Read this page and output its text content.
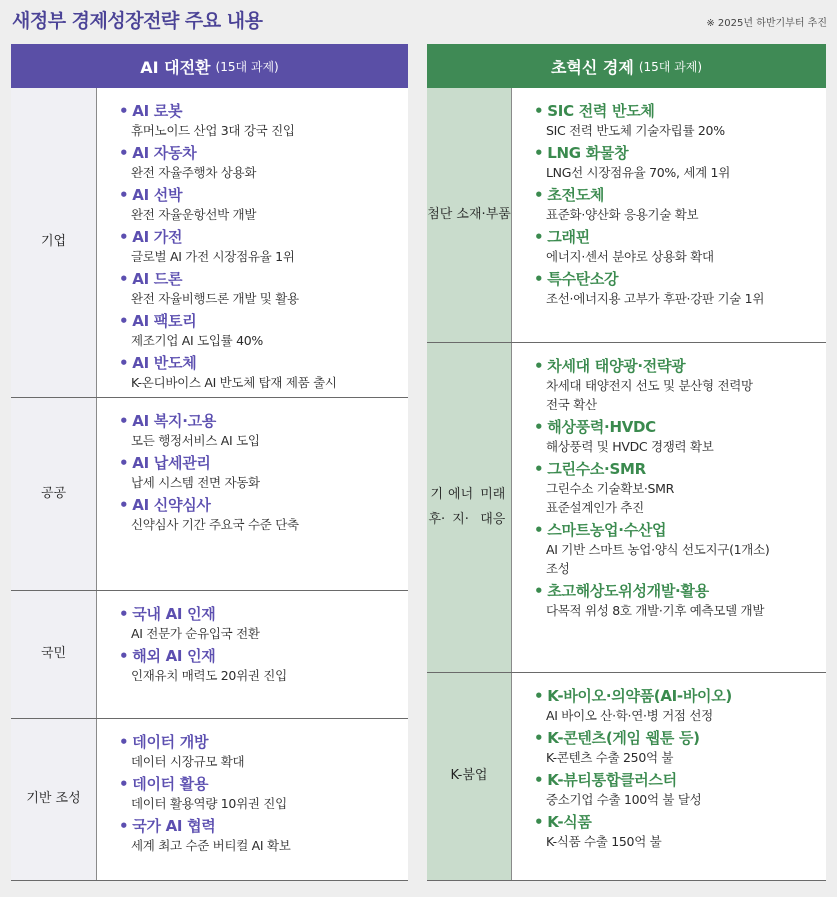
새정부 경제성장전략 주요 내용	※ 2025년 하반기부터 추진
AI 대전환 (15대 과제)
기업
• AI 로봇
휴머노이드 산업 3대 강국 진입
• AI 자동차
완전 자율주행차 상용화
• AI 선박
완전 자율운항선박 개발
• AI 가전
글로벌 AI 가전 시장점유율 1위
• AI 드론
완전 자율비행드론 개발 및 활용
• AI 팩토리
제조기업 AI 도입률 40%
• AI 반도체
K-온디바이스 AI 반도체 탑재 제품 출시
공공
• AI 복지·고용
모든 행정서비스 AI 도입
• AI 납세관리
납세 시스템 전면 자동화
• AI 신약심사
신약심사 기간 주요국 수준 단축
국민
• 국내 AI 인재
AI 전문가 순유입국 전환
• 해외 AI 인재
인재유치 매력도 20위권 진입
기반 조성
• 데이터 개방
데이터 시장규모 확대
• 데이터 활용
데이터 활용역량 10위권 진입
• 국가 AI 협력
세계 최고 수준 버티컬 AI 확보
초혁신 경제 (15대 과제)
첨단 소재· 부품
• SIC 전력 반도체
SIC 전력 반도체 기술자립률 20%
• LNG 화물창
LNG선 시장점유율 70%, 세계 1위
• 초전도체
표준화·양산화 응용기술 확보
• 그래핀
에너지·센서 분야로 상용화 확대
• 특수탄소강
조선·에너지용 고부가 후판·강판 기술 1위
기후·

에너지·

미래 대응
• 차세대 태양광·전략광
차세대 태양전지 선도 및 분산형 전력망
전국 확산
• 해상풍력·HVDC
해상풍력 및 HVDC 경쟁력 확보
• 그린수소·SMR
그린수소 기술확보·SMR
표준설계인가 추진
• 스마트농업·수산업
AI 기반 스마트 농업·양식 선도지구(1개소)
조성
• 초고해상도위성개발·활용
다목적 위성 8호 개발·기후 예측모델 개발
K-붐업
• K-바이오·의약품(AI-바이오)
AI 바이오 산·학·연·병 거점 선정
• K-콘텐츠(게임 웹툰 등)
K-콘텐츠 수출 250억 불
• K-뷰티통합클러스터
중소기업 수출 100억 불 달성
• K-식품
K-식품 수출 150억 불
